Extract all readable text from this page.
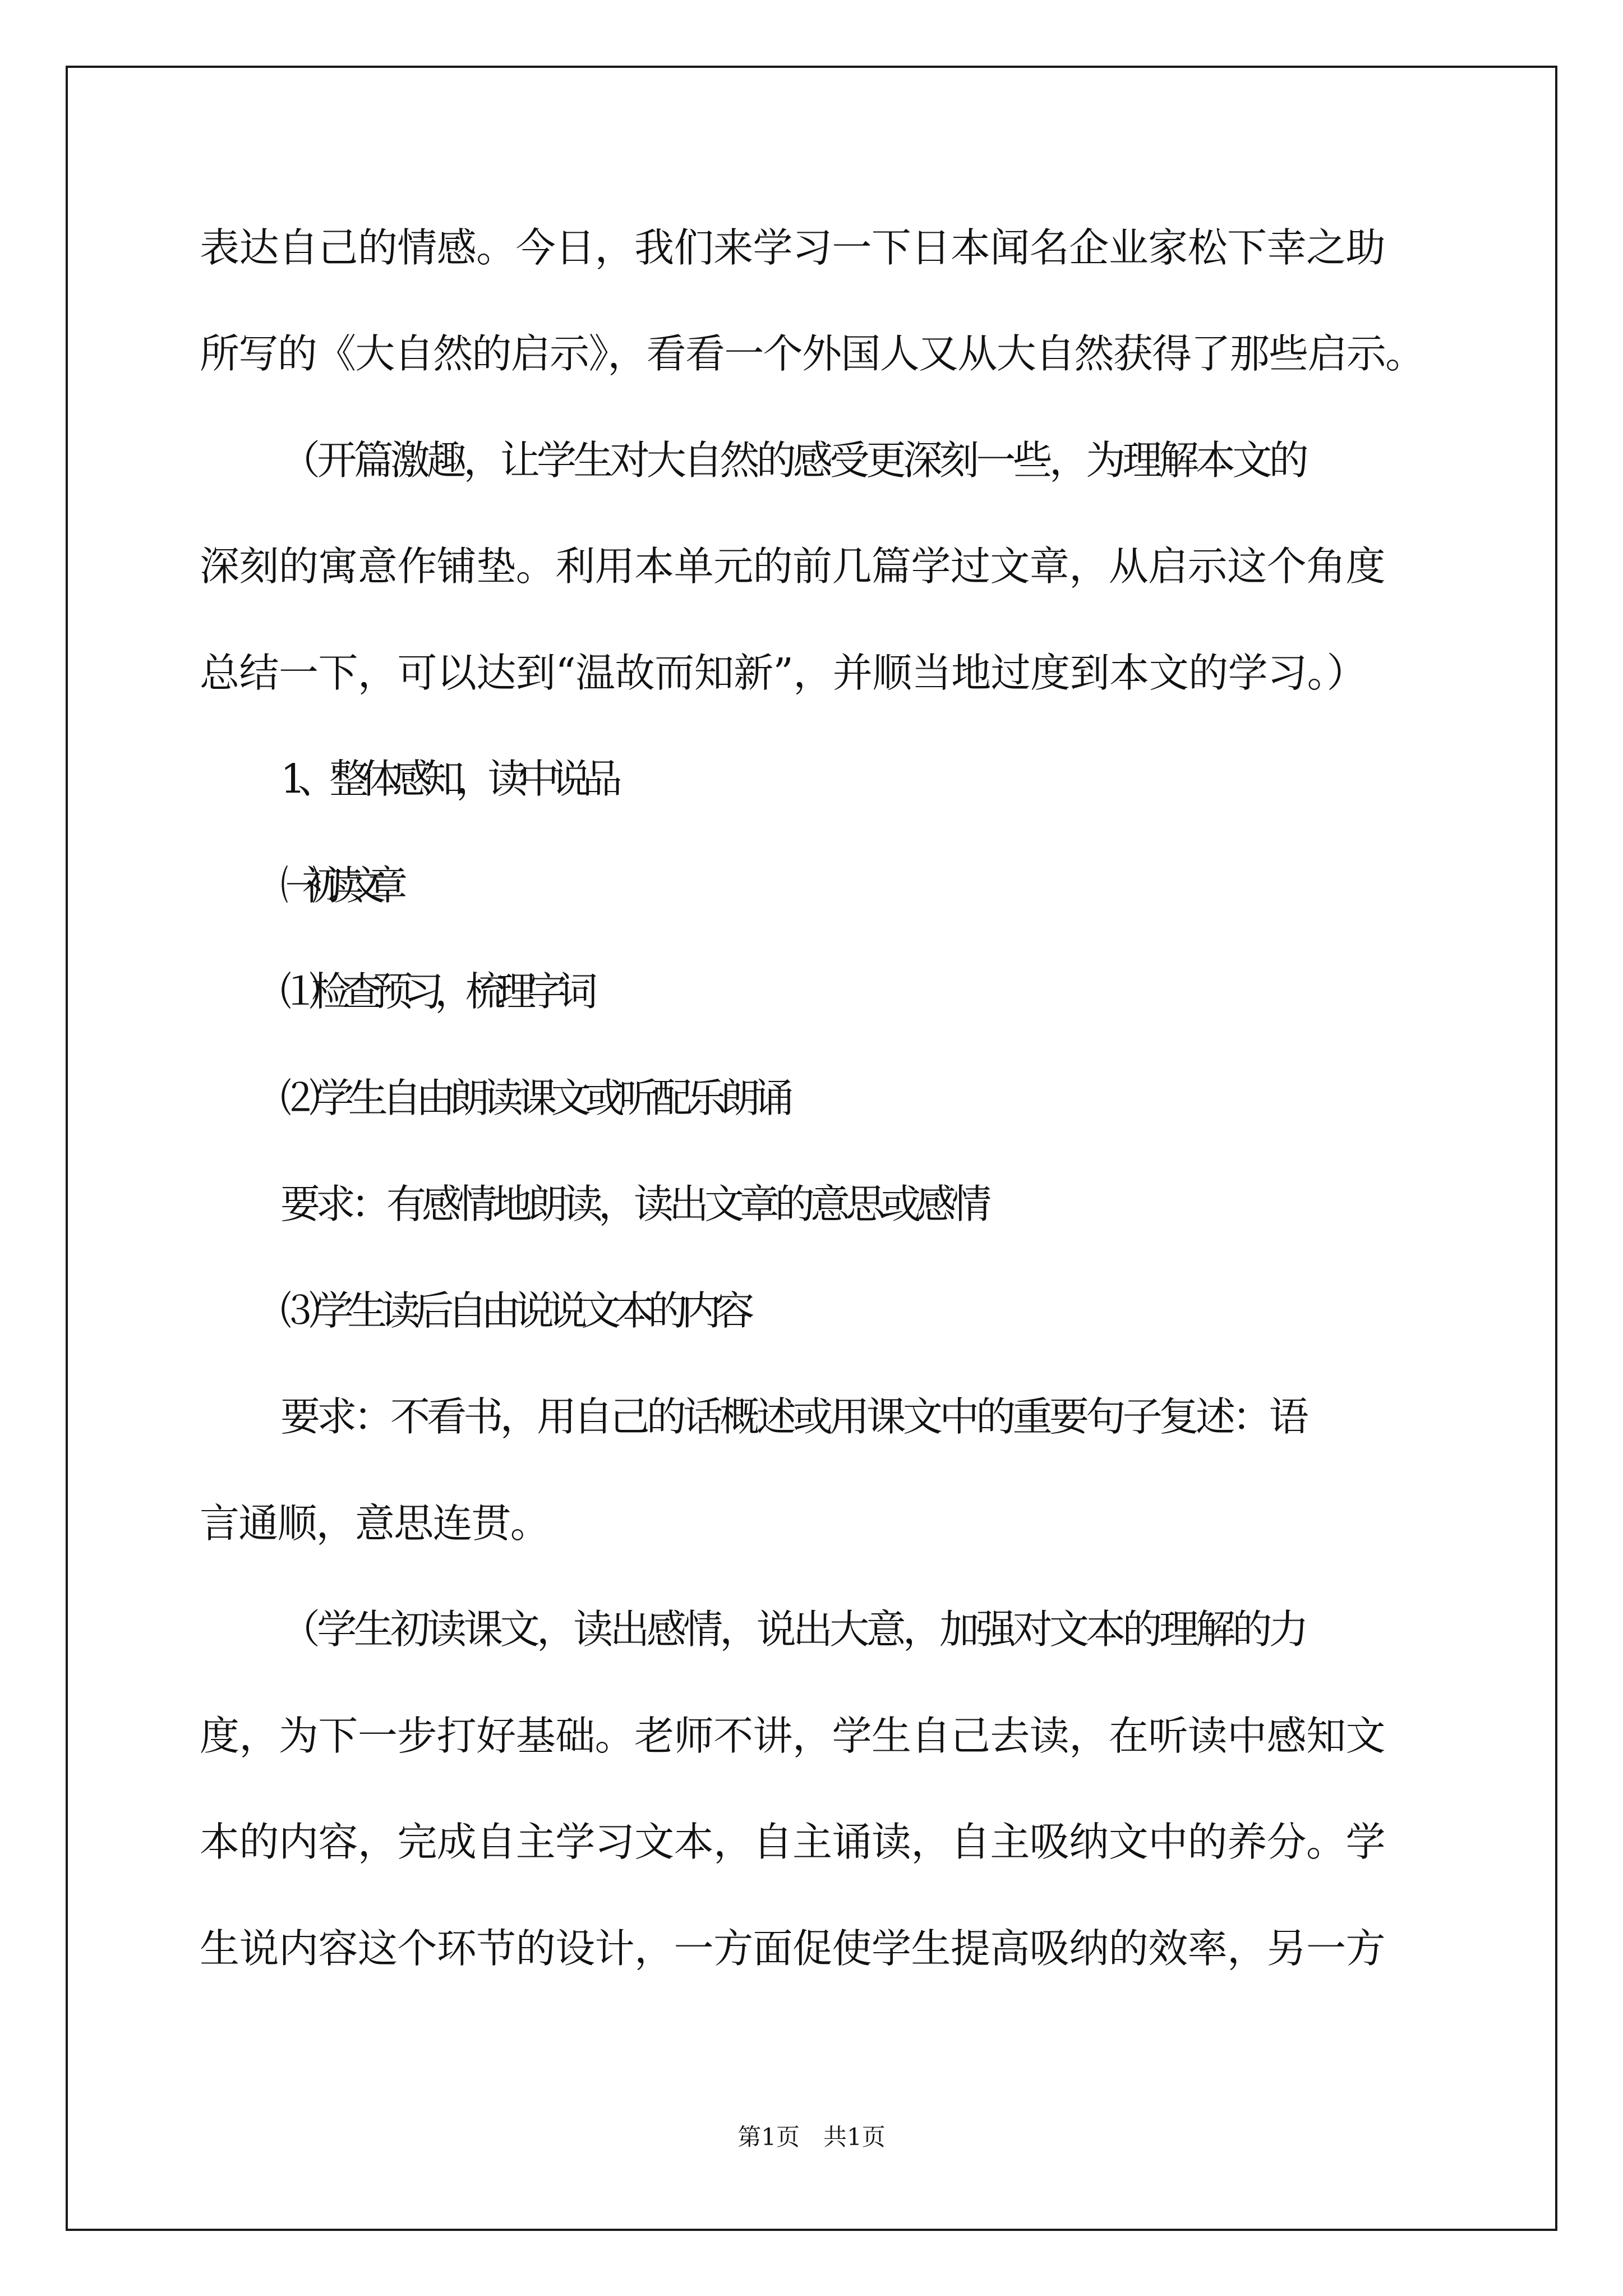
表达自己的情感。今日，我们来学习一下日本闻名企业家松下幸之助
所写的《大自然的启示》，看看一个外国人又从大自然获得了那些启示。
（开篇激趣，让学生对大自然的感受更深刻一些，为理解本文的
深刻的寓意作铺垫。利用本单元的前几篇学过文章，从启示这个角度
总结一下，可以达到“温故而知新”，并顺当地过度到本文的学习。）
1、整体感知，读中说品
㈠初读文章
⑴检查预习，梳理字词
⑵学生自由朗读课文或听配乐朗诵
要求：有感情地朗读，读出文章的意思或感情
⑶学生读后自由说说文本的内容
要求：不看书，用自己的话概述或用课文中的重要句子复述：语
言通顺，意思连贯。
（学生初读课文，读出感情，说出大意，加强对文本的理解的力
度，为下一步打好基础。老师不讲，学生自己去读，在听读中感知文
本的内容，完成自主学习文本，自主诵读，自主吸纳文中的养分。学
生说内容这个环节的设计，一方面促使学生提高吸纳的效率，另一方
第1页　共1页
